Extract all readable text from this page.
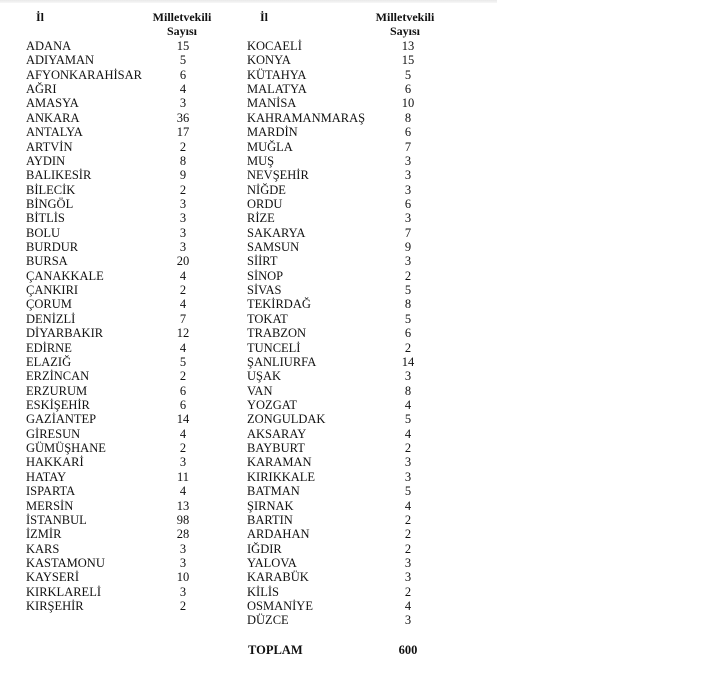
İl	Milletvekili
Sayısı
İl	Milletvekili
Sayısı
ADANA	15
ADIYAMAN	5
AFYONKARAHİSAR	6
AĞRI	4
AMASYA	3
ANKARA	36
ANTALYA	17
ARTVİN	2
AYDIN	8
BALIKESİR	9
BİLECİK	2
BİNGÖL	3
BİTLİS	3
BOLU	3
BURDUR	3
BURSA	20
ÇANAKKALE	4
ÇANKIRI	2
ÇORUM	4
DENİZLİ	7
DİYARBAKIR	12
EDİRNE	4
ELAZIĞ	5
ERZİNCAN	2
ERZURUM	6
ESKİŞEHİR	6
GAZİANTEP	14
GİRESUN	4
GÜMÜŞHANE	2
HAKKARİ	3
HATAY	11
ISPARTA	4
MERSİN	13
İSTANBUL	98
İZMİR	28
KARS	3
KASTAMONU	3
KAYSERİ	10
KIRKLARELİ	3
KIRŞEHİR	2
KOCAELİ	13
KONYA	15
KÜTAHYA	5
MALATYA	6
MANİSA	10
KAHRAMANMARAŞ	8
MARDİN	6
MUĞLA	7
MUŞ	3
NEVŞEHİR	3
NİĞDE	3
ORDU	6
RİZE	3
SAKARYA	7
SAMSUN	9
SİİRT	3
SİNOP	2
SİVAS	5
TEKİRDAĞ	8
TOKAT	5
TRABZON	6
TUNCELİ	2
ŞANLIURFA	14
UŞAK	3
VAN	8
YOZGAT	4
ZONGULDAK	5
AKSARAY	4
BAYBURT	2
KARAMAN	3
KIRIKKALE	3
BATMAN	5
ŞIRNAK	4
BARTIN	2
ARDAHAN	2
IĞDIR	2
YALOVA	3
KARABÜK	3
KİLİS	2
OSMANİYE	4
DÜZCE	3
TOPLAM	600
